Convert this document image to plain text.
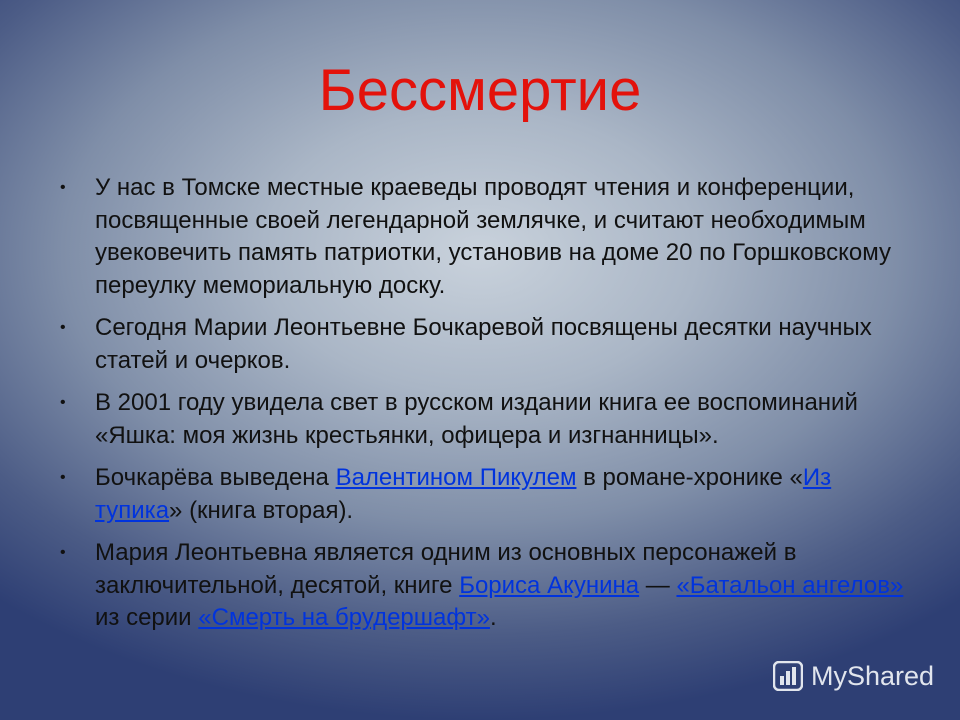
Бессмертие
• У нас в Томске местные краеведы проводят чтения и конференции, посвященные своей легендарной землячке, и считают необходимым увековечить память патриотки, установив на доме 20 по Горшковскому переулку мемориальную доску.
• Сегодня Марии Леонтьевне Бочкаревой посвящены десятки научных статей и очерков.
• В 2001 году увидела свет в русском издании книга ее воспоминаний «Яшка: моя жизнь крестьянки, офицера и изгнанницы».
• Бочкарёва выведена Валентином Пикулем в романе-хроникe «Из тупика» (книга вторая).
• Мария Леонтьевна является одним из основных персонажей в заключительной, десятой, книге Бориса Акунина — «Батальон ангелов» из серии «Смерть на брудершафт».
MyShared
